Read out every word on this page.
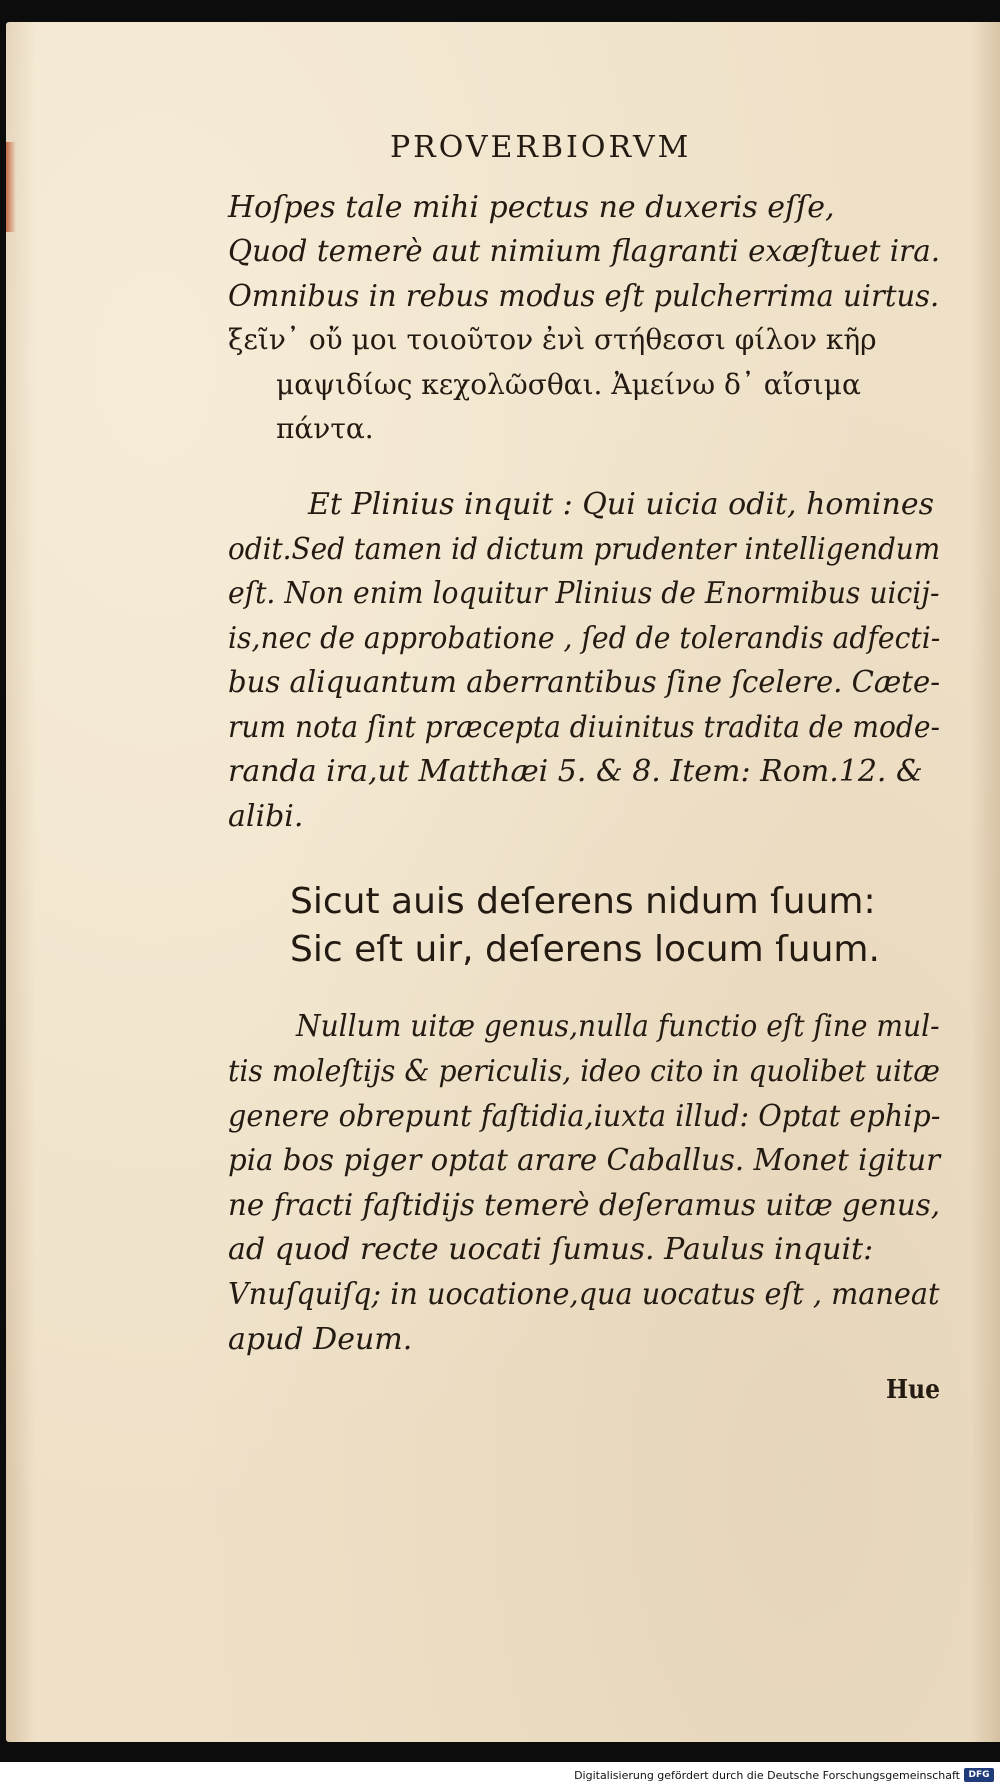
PROVERBIORVM
Hoſpes tale mihi pectus ne duxeris eſſe,
Quod temerè aut nimium flagranti exæſtuet ira.
Omnibus in rebus modus eſt pulcherrima uirtus.
ξεῖν᾽ οὔ μοι τοιοῦτον ἐνὶ στήθεσσι φίλον κῆρ
μαψιδίως κεχολῶσθαι. Ἀμείνω δ᾽ αἴσιμα
πάντα.
Et Plinius inquit : Qui uicia odit, homines
odit.Sed tamen id dictum prudenter intelligendum
eſt. Non enim loquitur Plinius de Enormibus uicij-
is,nec de approbatione , ſed de tolerandis adfecti-
bus aliquantum aberrantibus ſine ſcelere. Cæte-
rum nota ſint præcepta diuinitus tradita de mode-
randa ira,ut Matthæi 5. & 8. Item: Rom.12. &
alibi.
Sicut auis deſerens nidum ſuum:
Sic eſt uir, deſerens locum ſuum.
Nullum uitæ genus,nulla functio eſt ſine mul-
tis moleſtijs & periculis, ideo cito in quolibet uitæ
genere obrepunt faſtidia,iuxta illud: Optat ephip-
pia bos piger optat arare Caballus. Monet igitur
ne fracti faſtidijs temerè deſeramus uitæ genus,
ad quod recte uocati ſumus. Paulus inquit:
Vnuſquiſq; in uocatione,qua uocatus eſt , maneat
apud Deum.
Hue
Digitalisierung gefördert durch die Deutsche Forschungsgemeinschaft DFG
